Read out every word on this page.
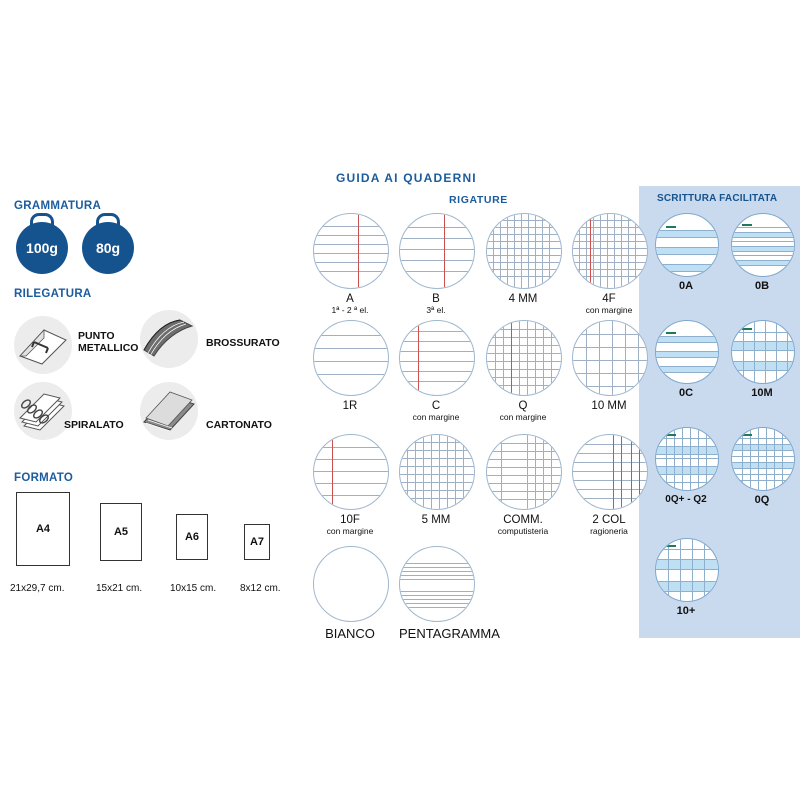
GRAMMATURA
100g	80g
RILEGATURA
PUNTO
METALLICO	BROSSURATO
SPIRALATO	CARTONATO
FORMATO
A4	A5	A6	A7
21x29,7 cm.	15x21 cm.	10x15 cm. 8x12 cm.
GUIDA AI QUADERNI
RIGATURE
A
1ª - 2 ª el.
B
3ª el.
4 MM	4F
con margine
1R	C
con margine
Q
con margine
10 MM
10F
con margine
5 MM	COMM.
computisteria
2 COL
ragioneria
BIANCO	PENTAGRAMMA
SCRITTURA FACILITATA
0A	0B
0C	10M
0Q+ - Q2	0Q
10+
